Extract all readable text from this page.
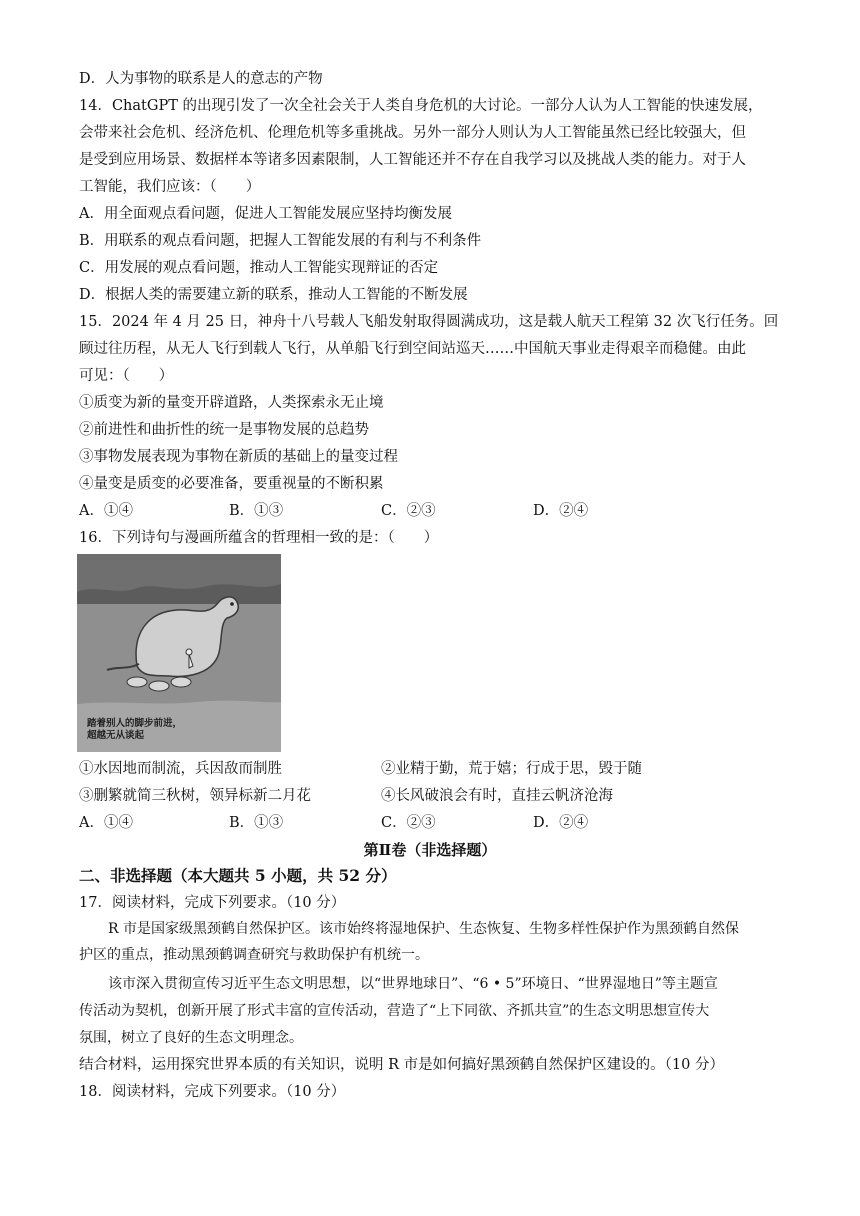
D．人为事物的联系是人的意志的产物
14．ChatGPT 的出现引发了一次全社会关于人类自身危机的大讨论。一部分人认为人工智能的快速发展，
会带来社会危机、经济危机、伦理危机等多重挑战。另外一部分人则认为人工智能虽然已经比较强大，但
是受到应用场景、数据样本等诸多因素限制，人工智能还并不存在自我学习以及挑战人类的能力。对于人
工智能，我们应该：（　　）
A．用全面观点看问题，促进人工智能发展应坚持均衡发展
B．用联系的观点看问题，把握人工智能发展的有利与不利条件
C．用发展的观点看问题，推动人工智能实现辩证的否定
D．根据人类的需要建立新的联系，推动人工智能的不断发展
15．2024 年 4 月 25 日，神舟十八号载人飞船发射取得圆满成功，这是载人航天工程第 32 次飞行任务。回
顾过往历程，从无人飞行到载人飞行，从单船飞行到空间站巡天……中国航天事业走得艰辛而稳健。由此
可见：（　　）
①质变为新的量变开辟道路，人类探索永无止境
②前进性和曲折性的统一是事物发展的总趋势
③事物发展表现为事物在新质的基础上的量变过程
④量变是质变的必要准备，要重视量的不断积累
A．①④	B．①③	C．②③	D．②④
16．下列诗句与漫画所蕴含的哲理相一致的是：（　　）
踏着别人的脚步前进，
超越无从谈起
①水因地而制流，兵因敌而制胜	②业精于勤，荒于嬉；行成于思，毁于随
③删繁就简三秋树，领异标新二月花	④长风破浪会有时，直挂云帆济沧海
A．①④	B．①③	C．②③	D．②④
第Ⅱ卷（非选择题）
二、非选择题（本大题共 5 小题，共 52 分）
17．阅读材料，完成下列要求。（10 分）
R 市是国家级黑颈鹤自然保护区。该市始终将湿地保护、生态恢复、生物多样性保护作为黑颈鹤自然保
护区的重点，推动黑颈鹤调查研究与救助保护有机统一。
该市深入贯彻宣传习近平生态文明思想，以“世界地球日”、“6 • 5”环境日、“世界湿地日”等主题宣
传活动为契机，创新开展了形式丰富的宣传活动，营造了“上下同欲、齐抓共宣”的生态文明思想宣传大
氛围，树立了良好的生态文明理念。
结合材料，运用探究世界本质的有关知识，说明 R 市是如何搞好黑颈鹤自然保护区建设的。（10 分）
18．阅读材料，完成下列要求。（10 分）
